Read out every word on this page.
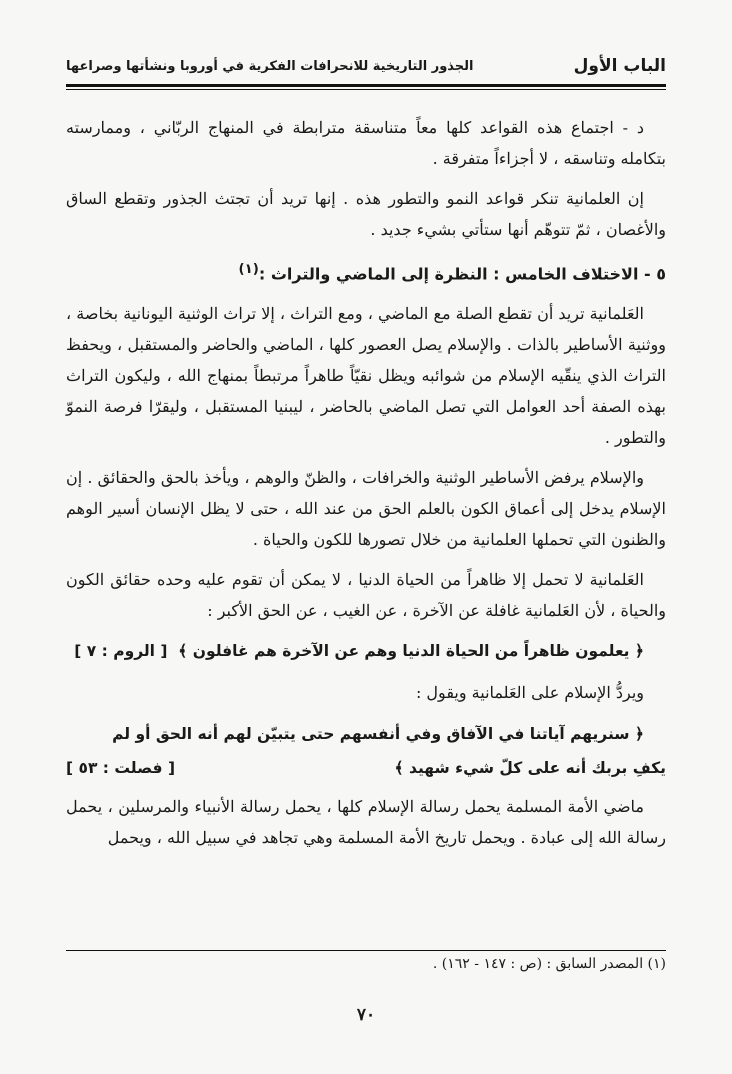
الباب الأول
الجذور التاريخية للانحرافات الفكرية في أوروبا ونشأتها وصراعها

د - اجتماع هذه القواعد كلها معاً متناسقة مترابطة في المنهاج الربّاني ، وممارسته بتكامله وتناسقه ، لا أجزاءاً متفرقة .

إن العلمانية تنكر قواعد النمو والتطور هذه . إنها تريد أن تجتث الجذور وتقطع الساق والأغصان ، ثمّ تتوهّم أنها ستأتي بشيء جديد .

٥ - الاختلاف الخامس : النظرة إلى الماضي والتراث :$^{(١)}$

العَلمانية تريد أن تقطع الصلة مع الماضي ، ومع التراث ، إلا تراث الوثنية اليونانية بخاصة ، ووثنية الأساطير بالذات . والإسلام يصل العصور كلها ، الماضي والحاضر والمستقبل ، ويحفظ التراث الذي ينقّيه الإسلام من شوائبه ويظل نقيّاً طاهراً مرتبطاً بمنهاج الله ، وليكون التراث بهذه الصفة أحد العوامل التي تصل الماضي بالحاضر ، ليبنيا المستقبل ، وليقرّا فرصة النموّ والتطور .

والإسلام يرفض الأساطير الوثنية والخرافات ، والظنّ والوهم ، ويأخذ بالحق والحقائق . إن الإسلام يدخل إلى أعماق الكون بالعلم الحق من عند الله ، حتى لا يظل الإنسان أسير الوهم والظنون التي تحملها العلمانية من خلال تصورها للكون والحياة .

العَلمانية لا تحمل إلا ظاهراً من الحياة الدنيا ، لا يمكن أن تقوم عليه وحده حقائق الكون والحياة ، لأن العَلمانية غافلة عن الآخرة ، عن الغيب ، عن الحق الأكبر :

﴿ يعلمون ظاهراً من الحياة الدنيا وهم عن الآخرة هم غافلون ﴾  [ الروم : ٧ ]

ويردُّ الإسلام على العَلمانية ويقول :

﴿ سنريهم آياتنا في الآفاق وفي أنفسهم حتى يتبيّن لهم أنه الحق أو لم
يكفِ بربك أنه على كلّ شيء شهيد ﴾
[ فصلت : ٥٣ ]

ماضي الأمة المسلمة يحمل رسالة الإسلام كلها ، يحمل رسالة الأنبياء والمرسلين ، يحمل رسالة الله إلى عبادة . ويحمل تاريخ الأمة المسلمة وهي تجاهد في سبيل الله ، ويحمل

(١) المصدر السابق : (ص : ١٤٧ - ١٦٢) .
٧٠
